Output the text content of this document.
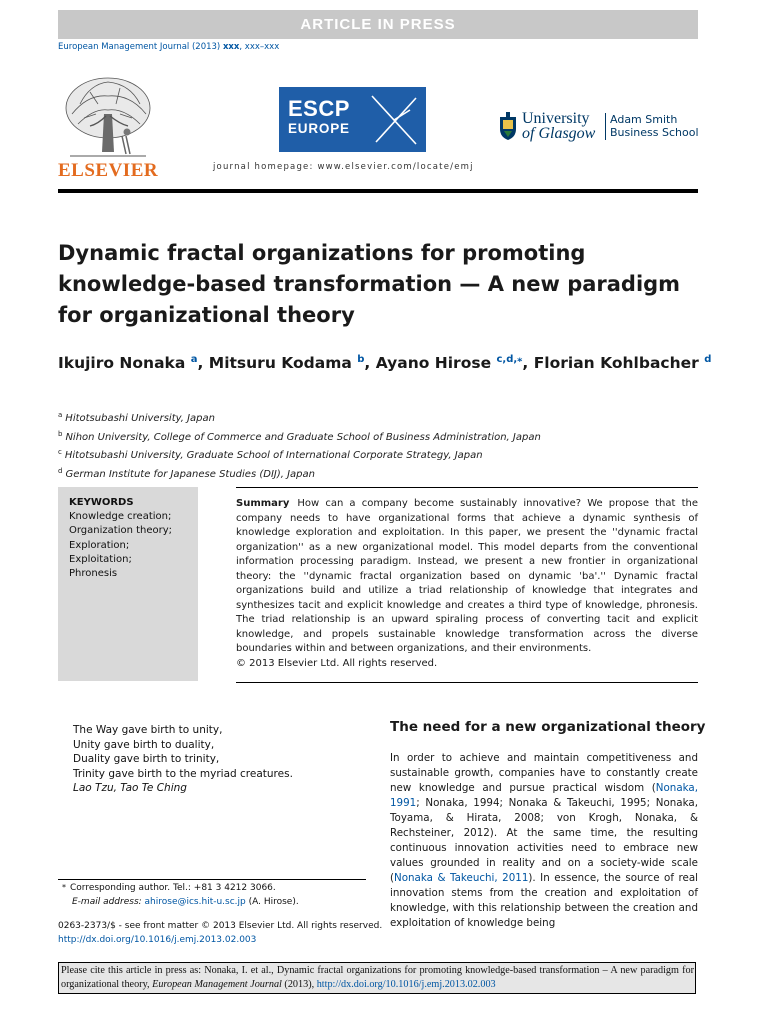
ARTICLE IN PRESS
European Management Journal (2013) xxx, xxx–xxx
ELSEVIER
ESCP
EUROPE
University
of Glasgow
Adam Smith
Business School
journal homepage: www.elsevier.com/locate/emj
Dynamic fractal organizations for promoting knowledge-based transformation — A new paradigm for organizational theory
Ikujiro Nonaka $^a$, Mitsuru Kodama $^b$, Ayano Hirose $^{c,d,⁎}$, Florian Kohlbacher $^d$
$^a$ Hitotsubashi University, Japan
$^b$ Nihon University, College of Commerce and Graduate School of Business Administration, Japan
$^c$ Hitotsubashi University, Graduate School of International Corporate Strategy, Japan
$^d$ German Institute for Japanese Studies (DIJ), Japan
KEYWORDS
Knowledge creation;
Organization theory;
Exploration;
Exploitation;
Phronesis
Summary How can a company become sustainably innovative? We propose that the company needs to have organizational forms that achieve a dynamic synthesis of knowledge exploration and exploitation. In this paper, we present the ''dynamic fractal organization'' as a new organizational model. This model departs from the conventional information processing paradigm. Instead, we present a new frontier in organizational theory: the ''dynamic fractal organization based on dynamic 'ba'.'' Dynamic fractal organizations build and utilize a triad relationship of knowledge that integrates and synthesizes tacit and explicit knowledge and creates a third type of knowledge, phronesis. The triad relationship is an upward spiraling process of converting tacit and explicit knowledge, and propels sustainable knowledge transformation across the diverse boundaries within and between organizations, and their environments.
© 2013 Elsevier Ltd. All rights reserved.
The Way gave birth to unity,
Unity gave birth to duality,
Duality gave birth to trinity,
Trinity gave birth to the myriad creatures.
Lao Tzu, Tao Te Ching
The need for a new organizational theory
In order to achieve and maintain competitiveness and sustainable growth, companies have to constantly create new knowledge and pursue practical wisdom (Nonaka, 1991; Nonaka, 1994; Nonaka & Takeuchi, 1995; Nonaka, Toyama, & Hirata, 2008; von Krogh, Nonaka, & Rechsteiner, 2012). At the same time, the resulting continuous innovation activities need to embrace new values grounded in reality and on a society-wide scale (Nonaka & Takeuchi, 2011). In essence, the source of real innovation stems from the creation and exploitation of knowledge, with this relationship between the creation and exploitation of knowledge being
* Corresponding author. Tel.: +81 3 4212 3066.
E-mail address: ahirose@ics.hit-u.sc.jp (A. Hirose).
0263-2373/$ - see front matter © 2013 Elsevier Ltd. All rights reserved.
http://dx.doi.org/10.1016/j.emj.2013.02.003
Please cite this article in press as: Nonaka, I. et al., Dynamic fractal organizations for promoting knowledge-based transformation – A new paradigm for organizational theory, European Management Journal (2013), http://dx.doi.org/10.1016/j.emj.2013.02.003
